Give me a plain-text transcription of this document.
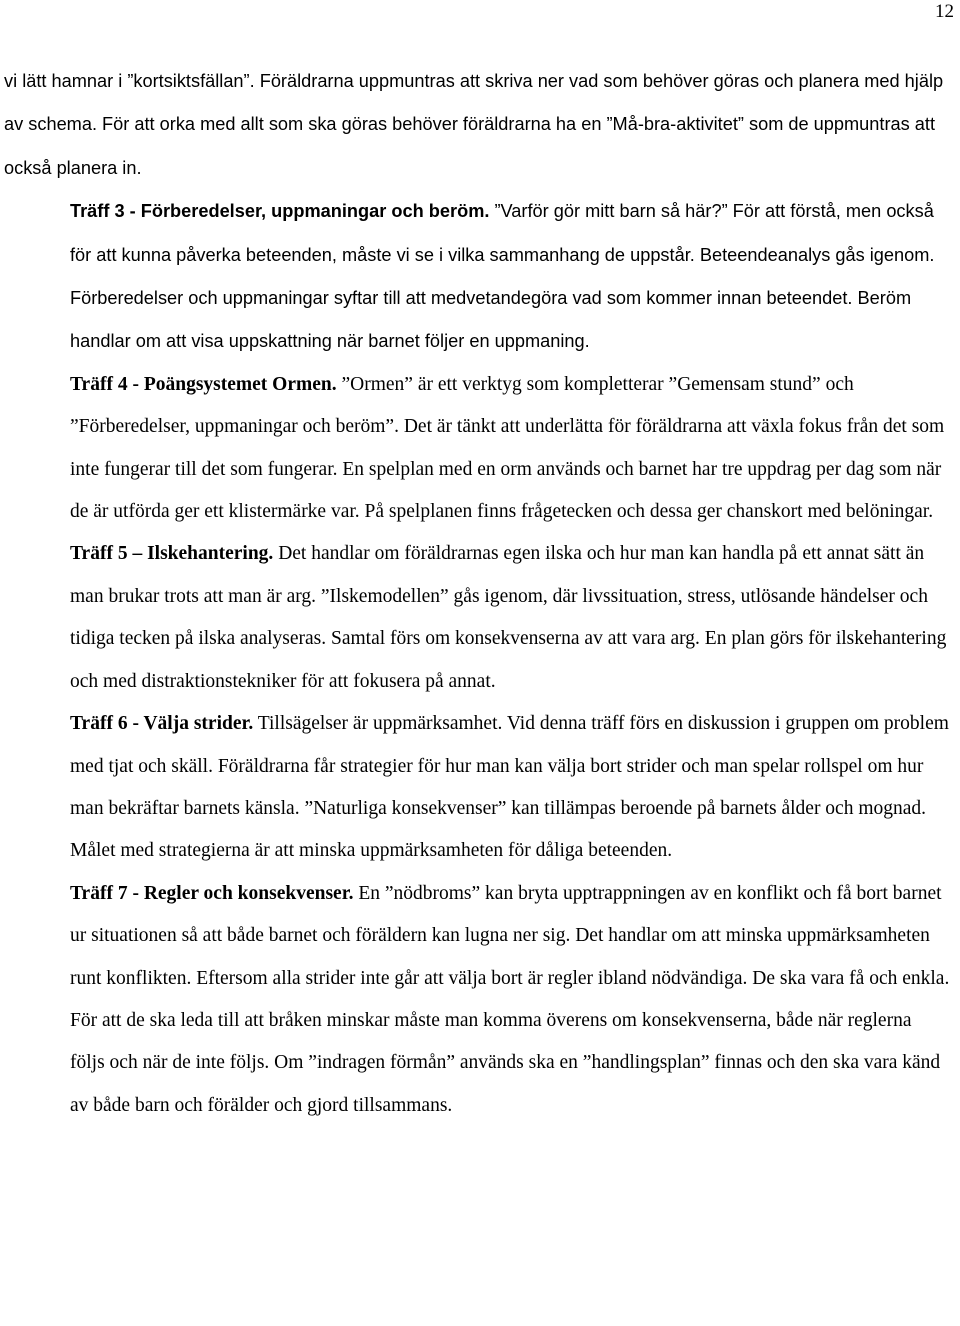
12

vi lätt hamnar i ”kortsiktsfällan”. Föräldrarna uppmuntras att skriva ner vad som behöver göras och planera med hjälp av schema. För att orka med allt som ska göras behöver föräldrarna ha en ”Må-bra-aktivitet” som de uppmuntras att också planera in.

Träff 3 - Förberedelser, uppmaningar och beröm. ”Varför gör mitt barn så här?” För att förstå, men också för att kunna påverka beteenden, måste vi se i vilka sammanhang de uppstår. Beteendeanalys gås igenom. Förberedelser och uppmaningar syftar till att medvetandegöra vad som kommer innan beteendet. Beröm handlar om att visa uppskattning när barnet följer en uppmaning.

Träff 4 - Poängsystemet Ormen. ”Ormen” är ett verktyg som kompletterar ”Gemensam stund” och ”Förberedelser, uppmaningar och beröm”. Det är tänkt att underlätta för föräldrarna att växla fokus från det som inte fungerar till det som fungerar. En spelplan med en orm används och barnet har tre uppdrag per dag som när de är utförda ger ett klistermärke var. På spelplanen finns frågetecken och dessa ger chanskort med belöningar.

Träff 5 – Ilskehantering. Det handlar om föräldrarnas egen ilska och hur man kan handla på ett annat sätt än man brukar trots att man är arg. ”Ilskemodellen” gås igenom, där livssituation, stress, utlösande händelser och tidiga tecken på ilska analyseras. Samtal förs om konsekvenserna av att vara arg. En plan görs för ilskehantering och med distraktionstekniker för att fokusera på annat.

Träff 6 - Välja strider. Tillsägelser är uppmärksamhet. Vid denna träff förs en diskussion i gruppen om problem med tjat och skäll. Föräldrarna får strategier för hur man kan välja bort strider och man spelar rollspel om hur man bekräftar barnets känsla. ”Naturliga konsekvenser” kan tillämpas beroende på barnets ålder och mognad. Målet med strategierna är att minska uppmärksamheten för dåliga beteenden.

Träff 7 - Regler och konsekvenser. En ”nödbroms” kan bryta upptrappningen av en konflikt och få bort barnet ur situationen så att både barnet och föräldern kan lugna ner sig. Det handlar om att minska uppmärksamheten runt konflikten. Eftersom alla strider inte går att välja bort är regler ibland nödvändiga. De ska vara få och enkla. För att de ska leda till att bråken minskar måste man komma överens om konsekvenserna, både när reglerna följs och när de inte följs. Om ”indragen förmån” används ska en ”handlingsplan” finnas och den ska vara känd av både barn och förälder och gjord tillsammans.
